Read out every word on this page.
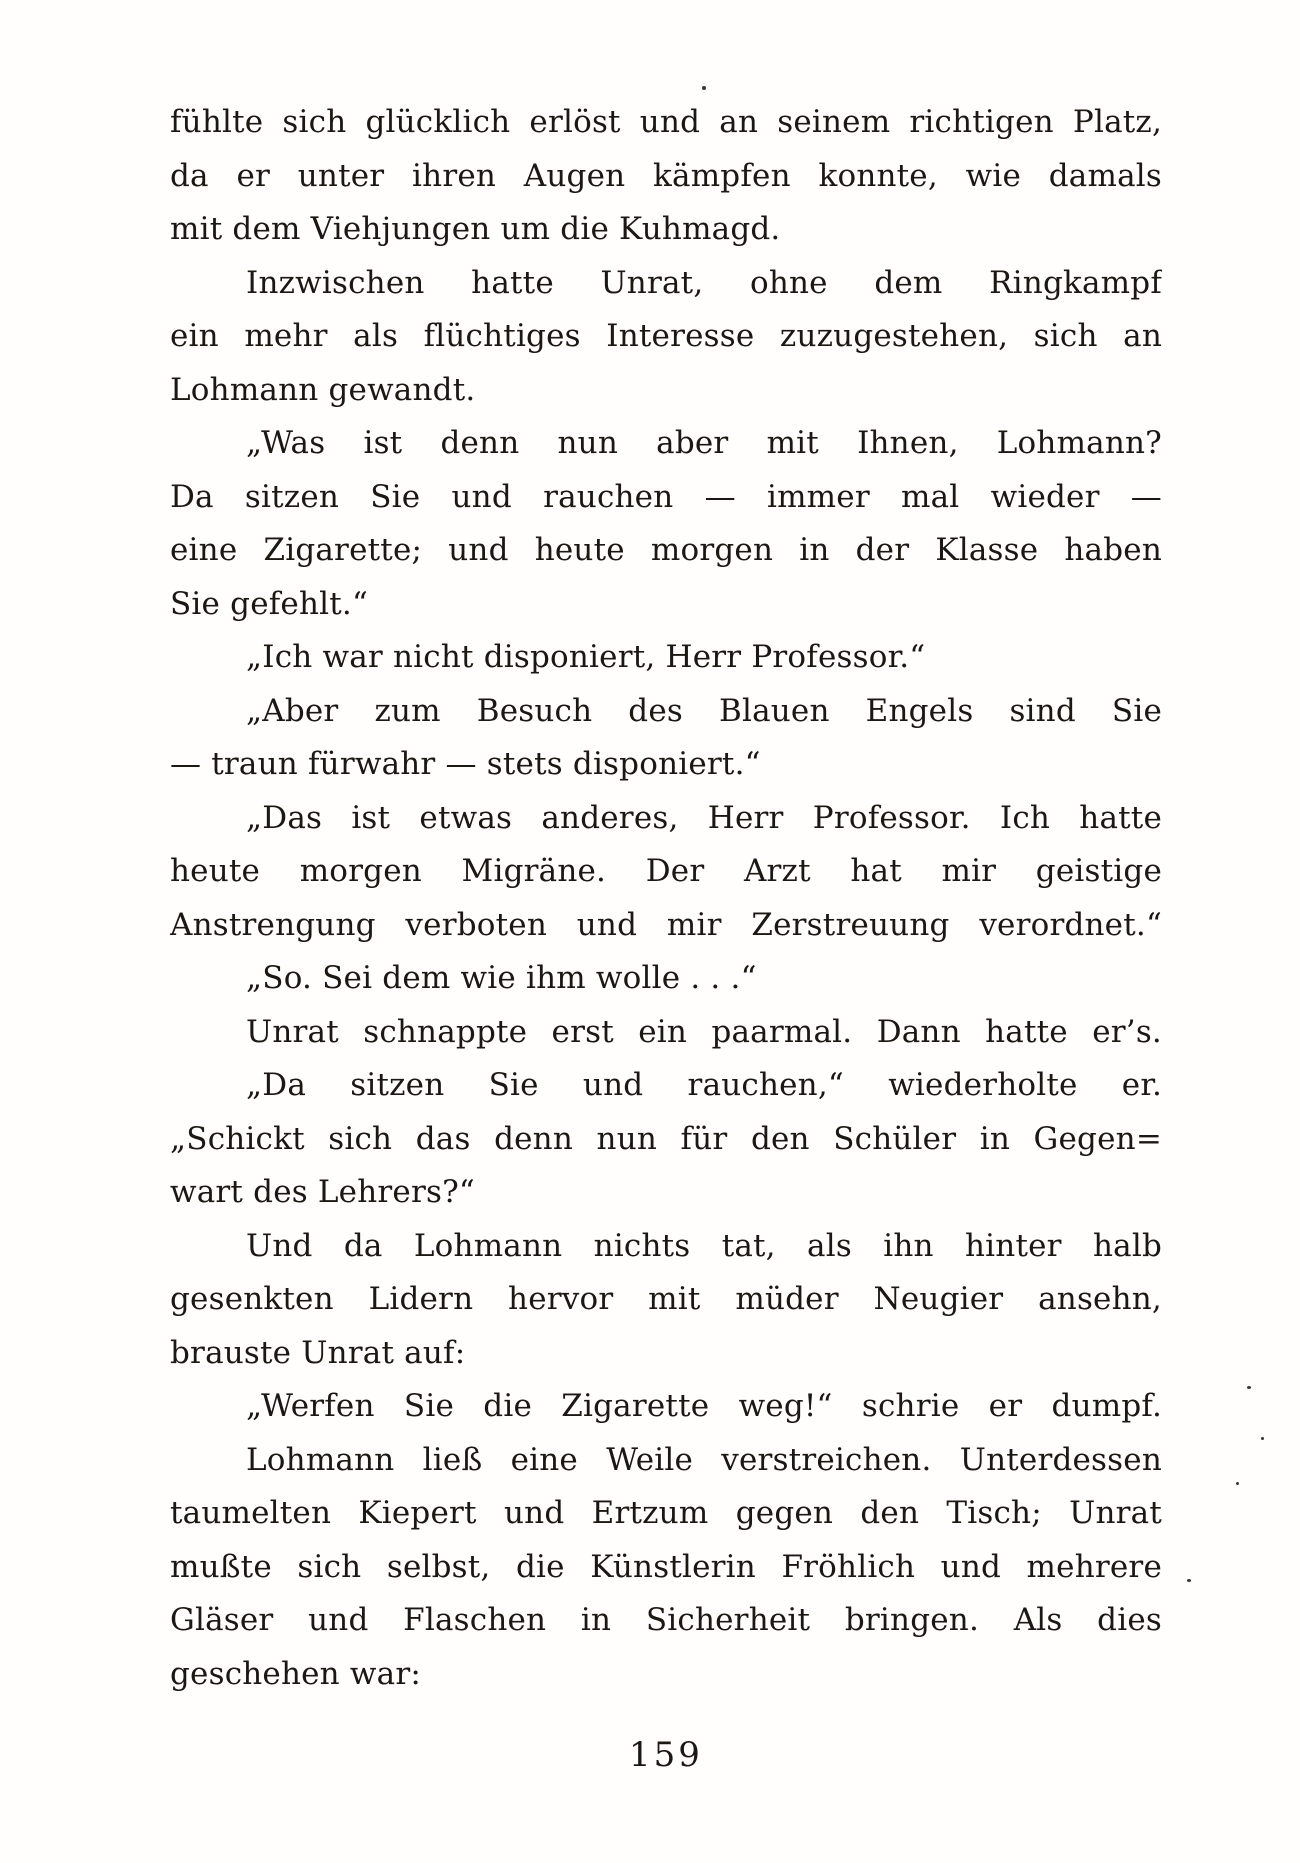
fühlte sich glücklich erlöst und an seinem richtigen Platz,
da er unter ihren Augen kämpfen konnte, wie damals
mit dem Viehjungen um die Kuhmagd.
Inzwischen hatte Unrat, ohne dem Ringkampf
ein mehr als flüchtiges Interesse zuzugestehen, sich an
Lohmann gewandt.
„Was ist denn nun aber mit Ihnen, Lohmann?
Da sitzen Sie und rauchen — immer mal wieder —
eine Zigarette; und heute morgen in der Klasse haben
Sie gefehlt.“
„Ich war nicht disponiert, Herr Professor.“
„Aber zum Besuch des Blauen Engels sind Sie
— traun fürwahr — stets disponiert.“
„Das ist etwas anderes, Herr Professor. Ich hatte
heute morgen Migräne. Der Arzt hat mir geistige
Anstrengung verboten und mir Zerstreuung verordnet.“
„So. Sei dem wie ihm wolle . . .“
Unrat schnappte erst ein paarmal. Dann hatte er’s.
„Da sitzen Sie und rauchen,“ wiederholte er.
„Schickt sich das denn nun für den Schüler in Gegen=
wart des Lehrers?“
Und da Lohmann nichts tat, als ihn hinter halb
gesenkten Lidern hervor mit müder Neugier ansehn,
brauste Unrat auf:
„Werfen Sie die Zigarette weg!“ schrie er dumpf.
Lohmann ließ eine Weile verstreichen. Unterdessen
taumelten Kiepert und Ertzum gegen den Tisch; Unrat
mußte sich selbst, die Künstlerin Fröhlich und mehrere
Gläser und Flaschen in Sicherheit bringen. Als dies
geschehen war:
159
